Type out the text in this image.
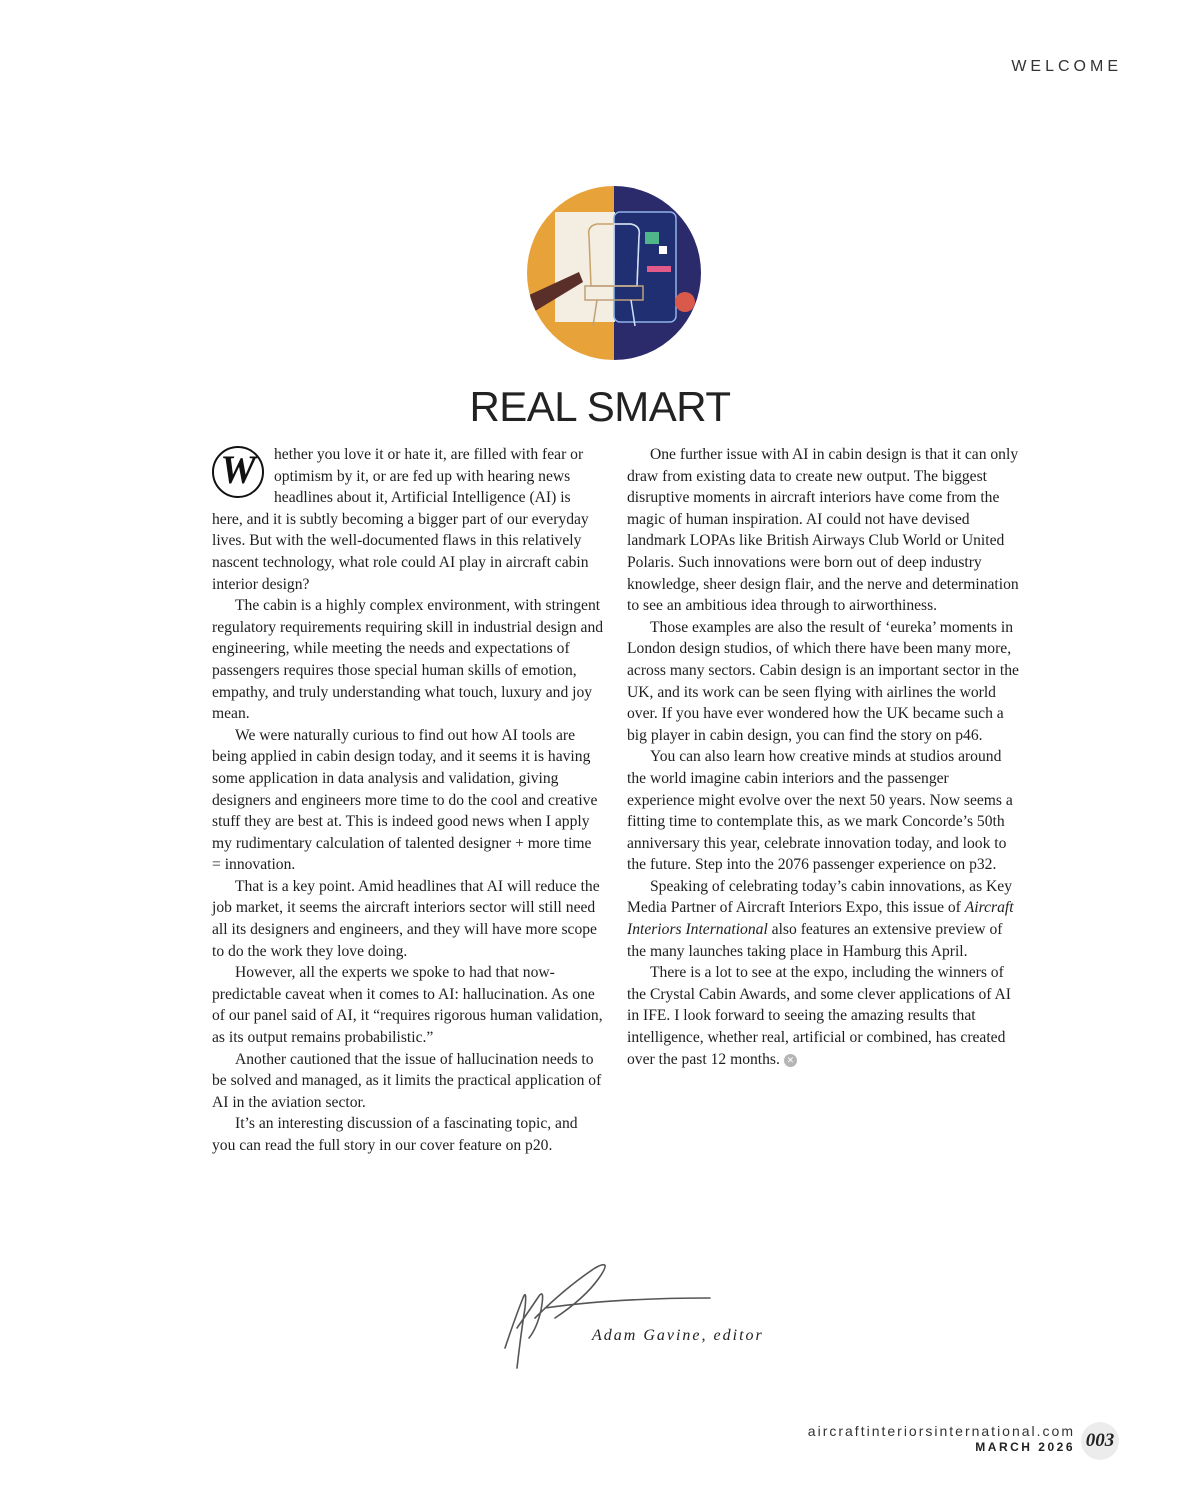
WELCOME
REAL SMART

W	hether you love it or hate it, are filled with fear or optimism by it, or are fed up with hearing news headlines about it, Artificial Intelligence (AI) is here, and it is subtly becoming a bigger part of our everyday lives. But with the well-documented flaws in this relatively nascent technology, what role could AI play in aircraft cabin interior design?

The cabin is a highly complex environment, with stringent regulatory requirements requiring skill in industrial design and engineering, while meeting the needs and expectations of passengers requires those special human skills of emotion, empathy, and truly understanding what touch, luxury and joy mean.

We were naturally curious to find out how AI tools are being applied in cabin design today, and it seems it is having some application in data analysis and validation, giving designers and engineers more time to do the cool and creative stuff they are best at. This is indeed good news when I apply my rudimentary calculation of talented designer + more time = innovation.

That is a key point. Amid headlines that AI will reduce the job market, it seems the aircraft interiors sector will still need all its designers and engineers, and they will have more scope to do the work they love doing.

However, all the experts we spoke to had that now-predictable caveat when it comes to AI: hallucination. As one of our panel said of AI, it “requires rigorous human validation, as its output remains probabilistic.”

Another cautioned that the issue of hallucination needs to be solved and managed, as it limits the practical application of AI in the aviation sector.

It’s an interesting discussion of a fascinating topic, and you can read the full story in our cover feature on p20.

One further issue with AI in cabin design is that it can only draw from existing data to create new output. The biggest disruptive moments in aircraft interiors have come from the magic of human inspiration. AI could not have devised landmark LOPAs like British Airways Club World or United Polaris. Such innovations were born out of deep industry knowledge, sheer design flair, and the nerve and determination to see an ambitious idea through to airworthiness.

Those examples are also the result of ‘eureka’ moments in London design studios, of which there have been many more, across many sectors. Cabin design is an important sector in the UK, and its work can be seen flying with airlines the world over. If you have ever wondered how the UK became such a big player in cabin design, you can find the story on p46.

You can also learn how creative minds at studios around the world imagine cabin interiors and the passenger experience might evolve over the next 50 years. Now seems a fitting time to contemplate this, as we mark Concorde’s 50th anniversary this year, celebrate innovation today, and look to the future. Step into the 2076 passenger experience on p32.

Speaking of celebrating today’s cabin innovations, as Key Media Partner of Aircraft Interiors Expo, this issue of Aircraft Interiors International also features an extensive preview of the many launches taking place in Hamburg this April.

There is a lot to see at the expo, including the winners of the Crystal Cabin Awards, and some clever applications of AI in IFE. I look forward to seeing the amazing results that intelligence, whether real, artificial or combined, has created over the past 12 months. ✕

Adam Gavine, editor
aircraftinteriorsinternational.com
MARCH 2026 003
